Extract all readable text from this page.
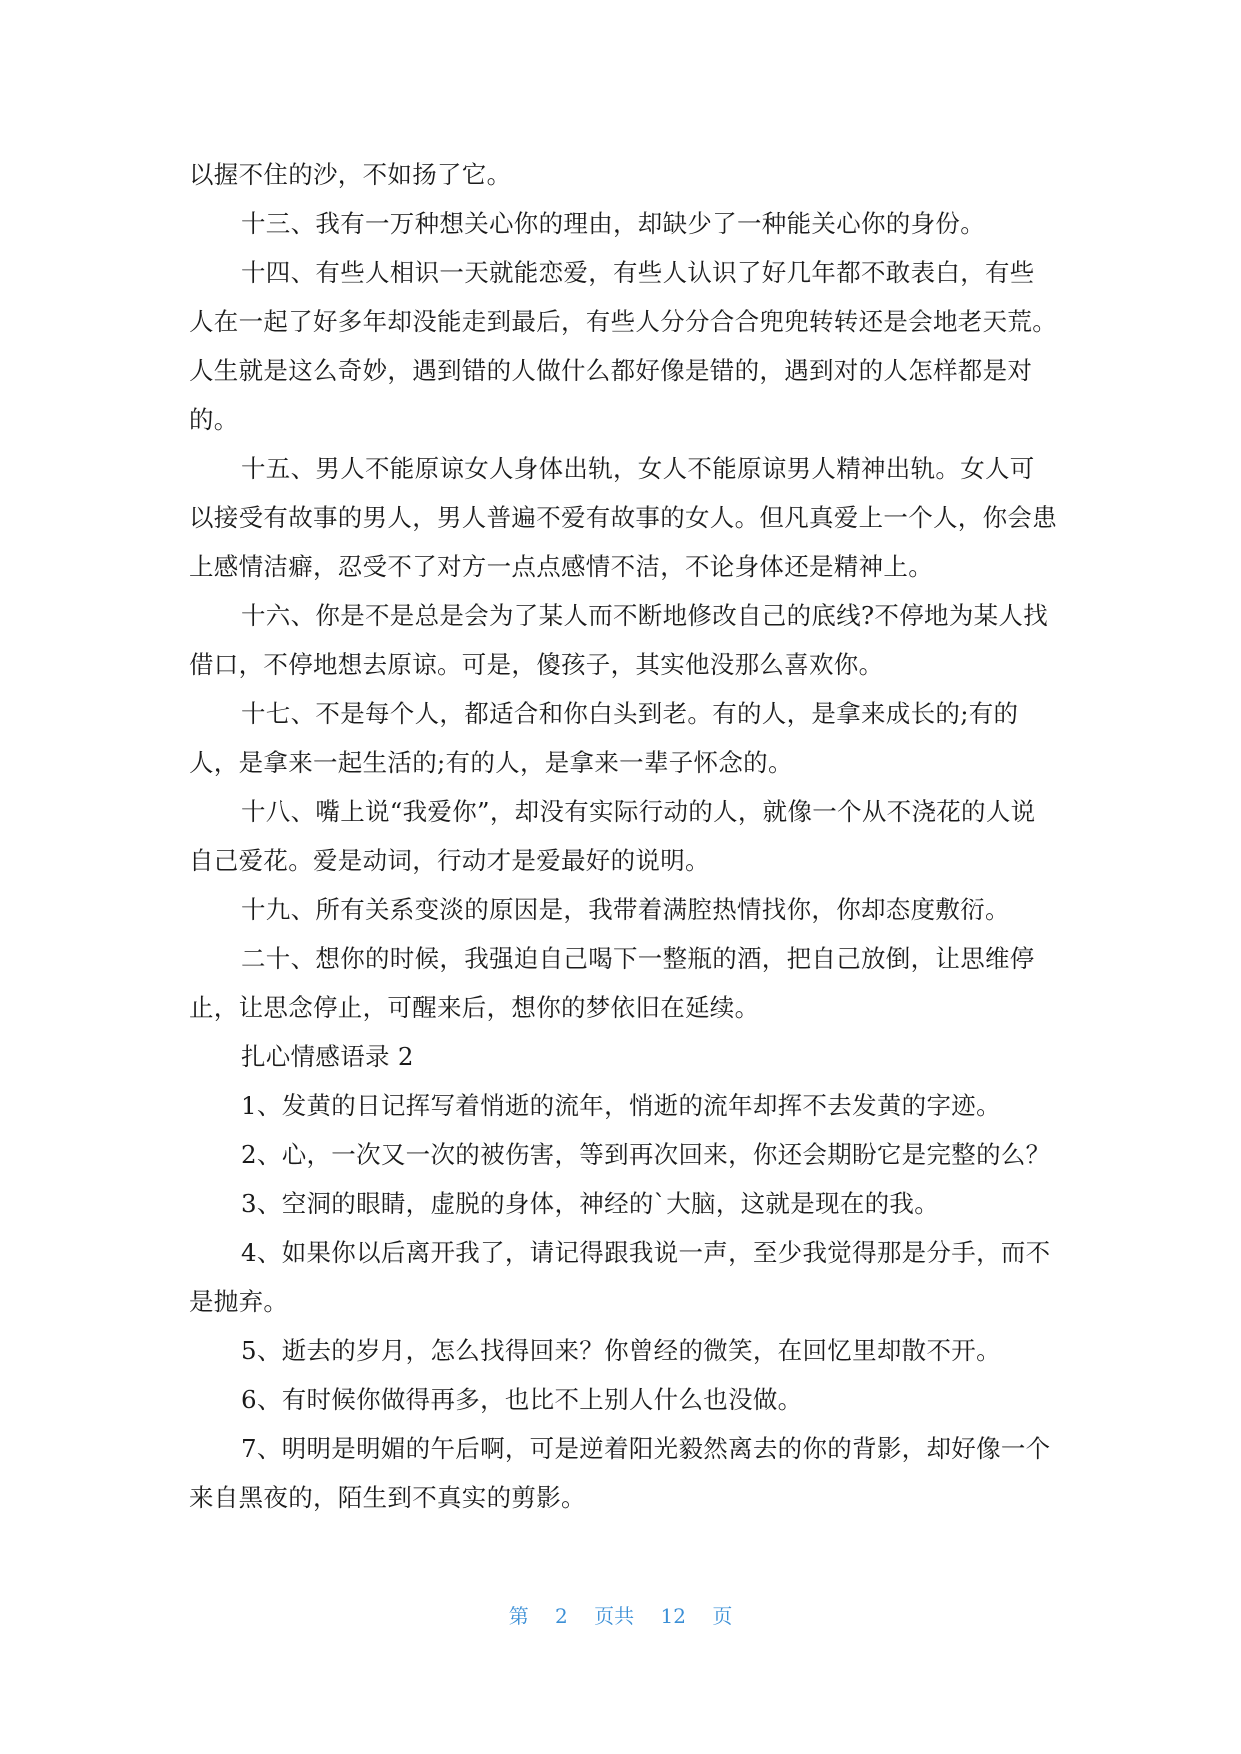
以握不住的沙，不如扬了它。

十三、我有一万种想关心你的理由，却缺少了一种能关心你的身份。

十四、有些人相识一天就能恋爱，有些人认识了好几年都不敢表白，有些人在一起了好多年却没能走到最后，有些人分分合合兜兜转转还是会地老天荒。人生就是这么奇妙，遇到错的人做什么都好像是错的，遇到对的人怎样都是对的。

十五、男人不能原谅女人身体出轨，女人不能原谅男人精神出轨。女人可以接受有故事的男人，男人普遍不爱有故事的女人。但凡真爱上一个人，你会患上感情洁癖，忍受不了对方一点点感情不洁，不论身体还是精神上。

十六、你是不是总是会为了某人而不断地修改自己的底线?不停地为某人找借口，不停地想去原谅。可是，傻孩子，其实他没那么喜欢你。

十七、不是每个人，都适合和你白头到老。有的人，是拿来成长的;有的人，是拿来一起生活的;有的人，是拿来一辈子怀念的。

十八、嘴上说“我爱你”，却没有实际行动的人，就像一个从不浇花的人说自己爱花。爱是动词，行动才是爱最好的说明。

十九、所有关系变淡的原因是，我带着满腔热情找你，你却态度敷衍。

二十、想你的时候，我强迫自己喝下一整瓶的酒，把自己放倒，让思维停止，让思念停止，可醒来后，想你的梦依旧在延续。

扎心情感语录 2

1、发黄的日记挥写着悄逝的流年，悄逝的流年却挥不去发黄的字迹。

2、心，一次又一次的被伤害，等到再次回来，你还会期盼它是完整的么？

3、空洞的眼睛，虚脱的身体，神经的`大脑，这就是现在的我。

4、如果你以后离开我了，请记得跟我说一声，至少我觉得那是分手，而不是抛弃。

5、逝去的岁月，怎么找得回来？你曾经的微笑，在回忆里却散不开。

6、有时候你做得再多，也比不上别人什么也没做。

7、明明是明媚的午后啊，可是逆着阳光毅然离去的你的背影，却好像一个来自黑夜的，陌生到不真实的剪影。

第 2 页共 12 页
